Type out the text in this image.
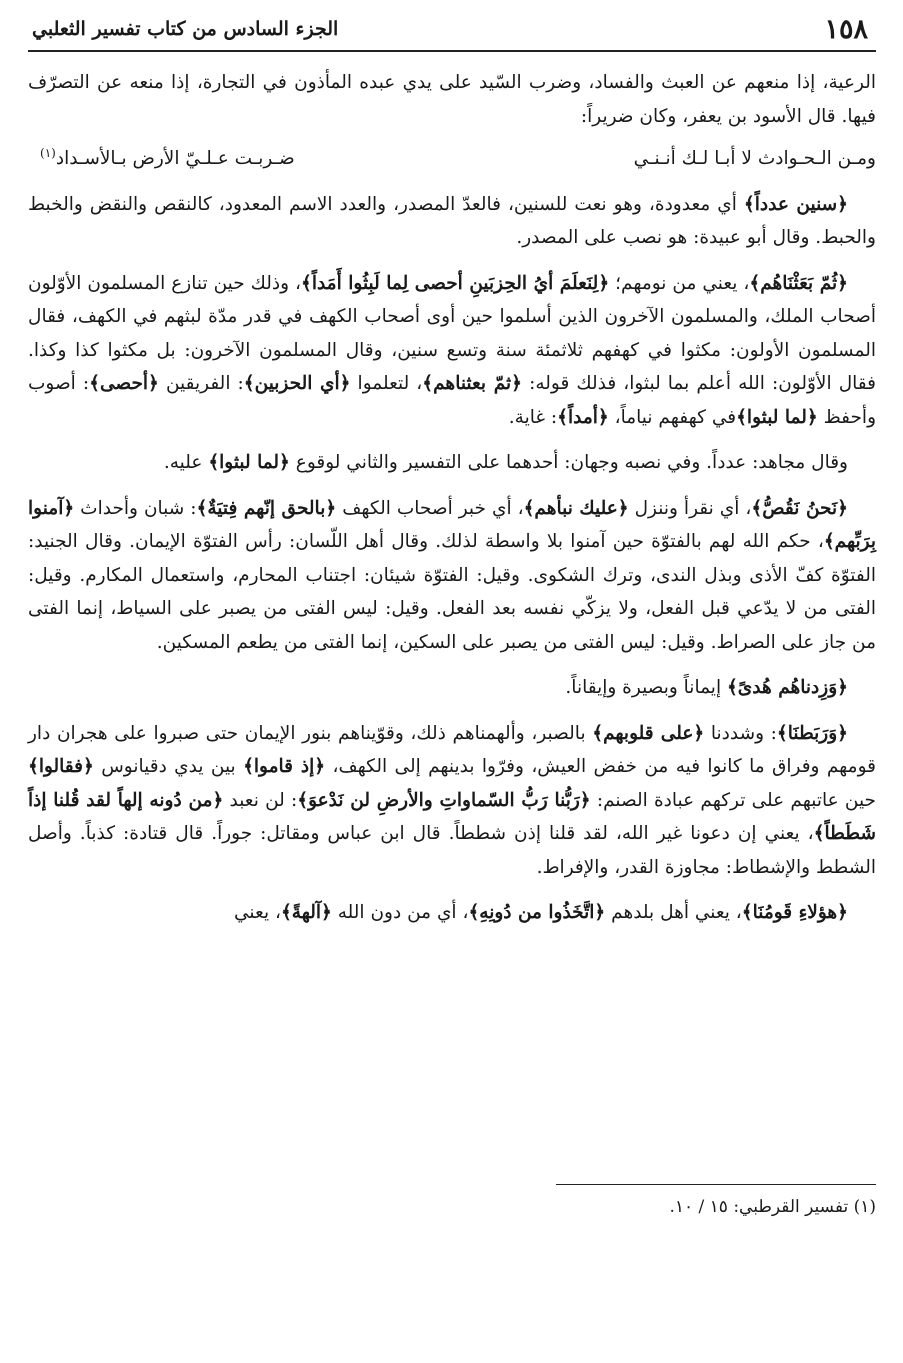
١٥٨
الجزء السادس من كتاب تفسير الثعلبي

الرعية، إذا منعهم عن العبث والفساد، وضرب السّيد على يدي عبده المأذون في التجارة، إذا منعه عن التصرّف فيها. قال الأسود بن يعفر، وكان ضريراً:

ومـن الـحـوادث لا أبـا لـك أنـنـي
ضـربـت عـلـيّ الأرض بـالأسـداد$^{(١)}$

﴿سنين عدداً﴾ أي معدودة، وهو نعت للسنين، فالعدّ المصدر، والعدد الاسم المعدود، كالنقص والنقض والخبط والحبط. وقال أبو عبيدة: هو نصب على المصدر.

﴿ثُمّ بَعَثْنَاهُم﴾، يعني من نومهم؛ ﴿لِنَعلَمَ أيُ الحِزبَينِ أحصى لِما لَبِثُوا أَمَداً﴾، وذلك حين تنازع المسلمون الأوّلون أصحاب الملك، والمسلمون الآخرون الذين أسلموا حين أوى أصحاب الكهف في قدر مدّة لبثهم في الكهف، فقال المسلمون الأولون: مكثوا في كهفهم ثلاثمئة سنة وتسع سنين، وقال المسلمون الآخرون: بل مكثوا كذا وكذا. فقال الأوّلون: الله أعلم بما لبثوا، فذلك قوله: ﴿ثمّ بعثناهم﴾، لتعلموا ﴿أي الحزبين﴾: الفريقين ﴿أحصى﴾: أصوب وأحفظ ﴿لما لبثوا﴾في كهفهم نياماً، ﴿أمداً﴾: غاية.

وقال مجاهد: عدداً. وفي نصبه وجهان: أحدهما على التفسير والثاني لوقوع ﴿لما لبثوا﴾ عليه.

﴿نَحنُ نَقُصُّ﴾، أي نقرأ وننزل ﴿عليك نبأهم﴾، أي خبر أصحاب الكهف ﴿بالحق إنّهم فِتيَةٌ﴾: شبان وأحداث ﴿آمنوا بِرَبِّهم﴾، حكم الله لهم بالفتوّة حين آمنوا بلا واسطة لذلك. وقال أهل اللّسان: رأس الفتوّة الإيمان. وقال الجنيد: الفتوّة كفّ الأذى وبذل الندى، وترك الشكوى. وقيل: الفتوّة شيئان: اجتناب المحارم، واستعمال المكارم. وقيل: الفتى من لا يدّعي قبل الفعل، ولا يزكّي نفسه بعد الفعل. وقيل: ليس الفتى من يصبر على السياط، إنما الفتى من جاز على الصراط. وقيل: ليس الفتى من يصبر على السكين، إنما الفتى من يطعم المسكين.

﴿وَزِدناهُم هُدىً﴾ إيماناً وبصيرة وإيقاناً.

﴿وَرَبَطنَا﴾: وشددنا ﴿على قلوبهم﴾ بالصبر، وألهمناهم ذلك، وقوّيناهم بنور الإيمان حتى صبروا على هجران دار قومهم وفراق ما كانوا فيه من خفض العيش، وفرّوا بدينهم إلى الكهف، ﴿إذ قاموا﴾ بين يدي دقيانوس ﴿فقالوا﴾ حين عاتبهم على تركهم عبادة الصنم: ﴿رَبُّنا رَبُّ السّماواتِ والأرضِ لن نَدْعوَ﴾: لن نعبد ﴿من دُونه إلهاً لقد قُلنا إذاً شَطَطاً﴾، يعني إن دعونا غير الله، لقد قلنا إذن شططاً. قال ابن عباس ومقاتل: جوراً. قال قتادة: كذباً. وأصل الشطط والإشطاط: مجاوزة القدر، والإفراط.

﴿هؤلاءِ قَومُنَا﴾، يعني أهل بلدهم ﴿اتَّخَذُوا من دُونِهِ﴾، أي من دون الله ﴿آلهةً﴾، يعني

(١) تفسير القرطبي: ١٥ / ١٠.
